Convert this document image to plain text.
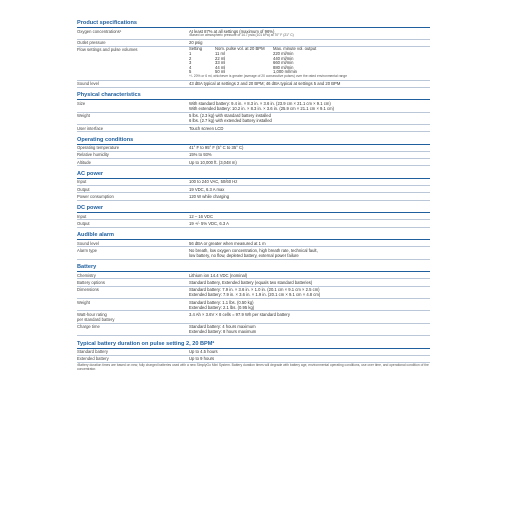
Product specifications
Oxygen concentrations¹	At least 87% at all settings (maximum of 96%)
¹Based on atmospheric pressure of 14.7 psia (101 kPa) at 70° F (21° C)
Outlet pressure	20 psig
Flow settings and pulse volumes	Setting	Nom. pulse vol. at 20 BPM	Max. minute vol. output
1	11 ml	220 ml/min
2	22 ml	440 ml/min
3	33 ml	660 ml/min
4	44 ml	880 ml/min
5	50 ml	1,000 ml/min
+/- 20% or 6 ml, whichever is greater (average of 20 consecutive pulses) over the rated environmental range
Sound level	43 dBA typical at settings 2 and 20 BPM; 46 dBA typical at settings 5 and 20 BPM
Physical characteristics
Size	With standard battery: 9.4 in. × 8.3 in. × 3.6 in. (23.9 cm × 21.1 cm × 9.1 cm)
With extended battery: 10.2 in. × 8.3 in. × 3.6 in. (25.9 cm × 21.1 cm × 9.1 cm)
Weight	5 lbs. (2.3 kg) with standard battery installed
6 lbs. (2.7 kg) with extended battery installed
User interface	Touch screen LCD
Operating conditions
Operating temperature	41° F to 95° F (5° C to 35° C)
Relative humidity	15% to 93%
Altitude	Up to 10,000 ft. (3,048 m)
AC power
Input	100 to 240 VAC, 50/60 Hz
Output	19 VDC, 6.3 A max
Power consumption	120 W while charging
DC power
Input	12 – 16 VDC
Output	19 +/- 5% VDC, 6.3 A
Audible alarm
Sound level	56 dBA or greater when measured at 1 m
Alarm type	No breath, low oxygen concentration, high breath rate, technical fault,
low battery, no flow, depleted battery, external power failure
Battery
Chemistry	Lithium ion 14.4 VDC (nominal)
Battery options	Standard battery, Extended battery (equals two standard batteries)
Dimensions	Standard battery: 7.9 in. × 3.6 in. × 1.0 in. (20.1 cm × 9.1 cm × 2.5 cm)
Extended battery: 7.9 in. × 3.6 in. × 1.9 in. (20.1 cm × 9.1 cm × 4.8 cm)
Weight	Standard battery: 1.1 lbs. (0.50 kg)
Extended battery: 2.1 lbs. (0.95 kg)
Watt-hour rating
per standard battery
3.4 Ah × 3.6V × 8 cells = 97.9 Wh per standard battery
Charge time	Standard battery: 4 hours maximum
Extended battery: 8 hours maximum
Typical battery duration on pulse setting 2, 20 BPM²
Standard battery	Up to 4.5 hours
Extended battery	Up to 9 hours
²Battery duration times are based on new, fully charged batteries used with a new SimplyGo Mini System. Battery duration times will degrade with battery age, environmental operating conditions, use over time, and operational condition of the concentrator.
